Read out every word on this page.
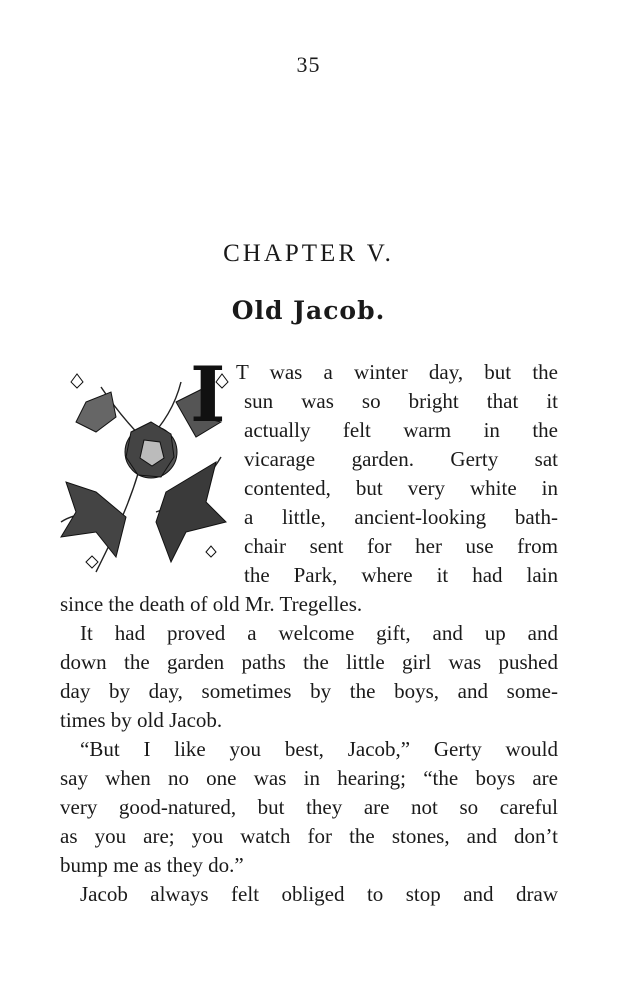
35
CHAPTER V.
Old Jacob.
I T was a winter day, but the
sun was so bright that it
actually felt warm in the
vicarage garden. Gerty sat
contented, but very white in
a little, ancient-looking bath-
chair sent for her use from
the Park, where it had lain
since the death of old Mr. Tregelles.
It had proved a welcome gift, and up and
down the garden paths the little girl was pushed
day by day, sometimes by the boys, and some-
times by old Jacob.
“But I like you best, Jacob,” Gerty would
say when no one was in hearing; “the boys are
very good-natured, but they are not so careful
as you are; you watch for the stones, and don’t
bump me as they do.”
Jacob always felt obliged to stop and draw
